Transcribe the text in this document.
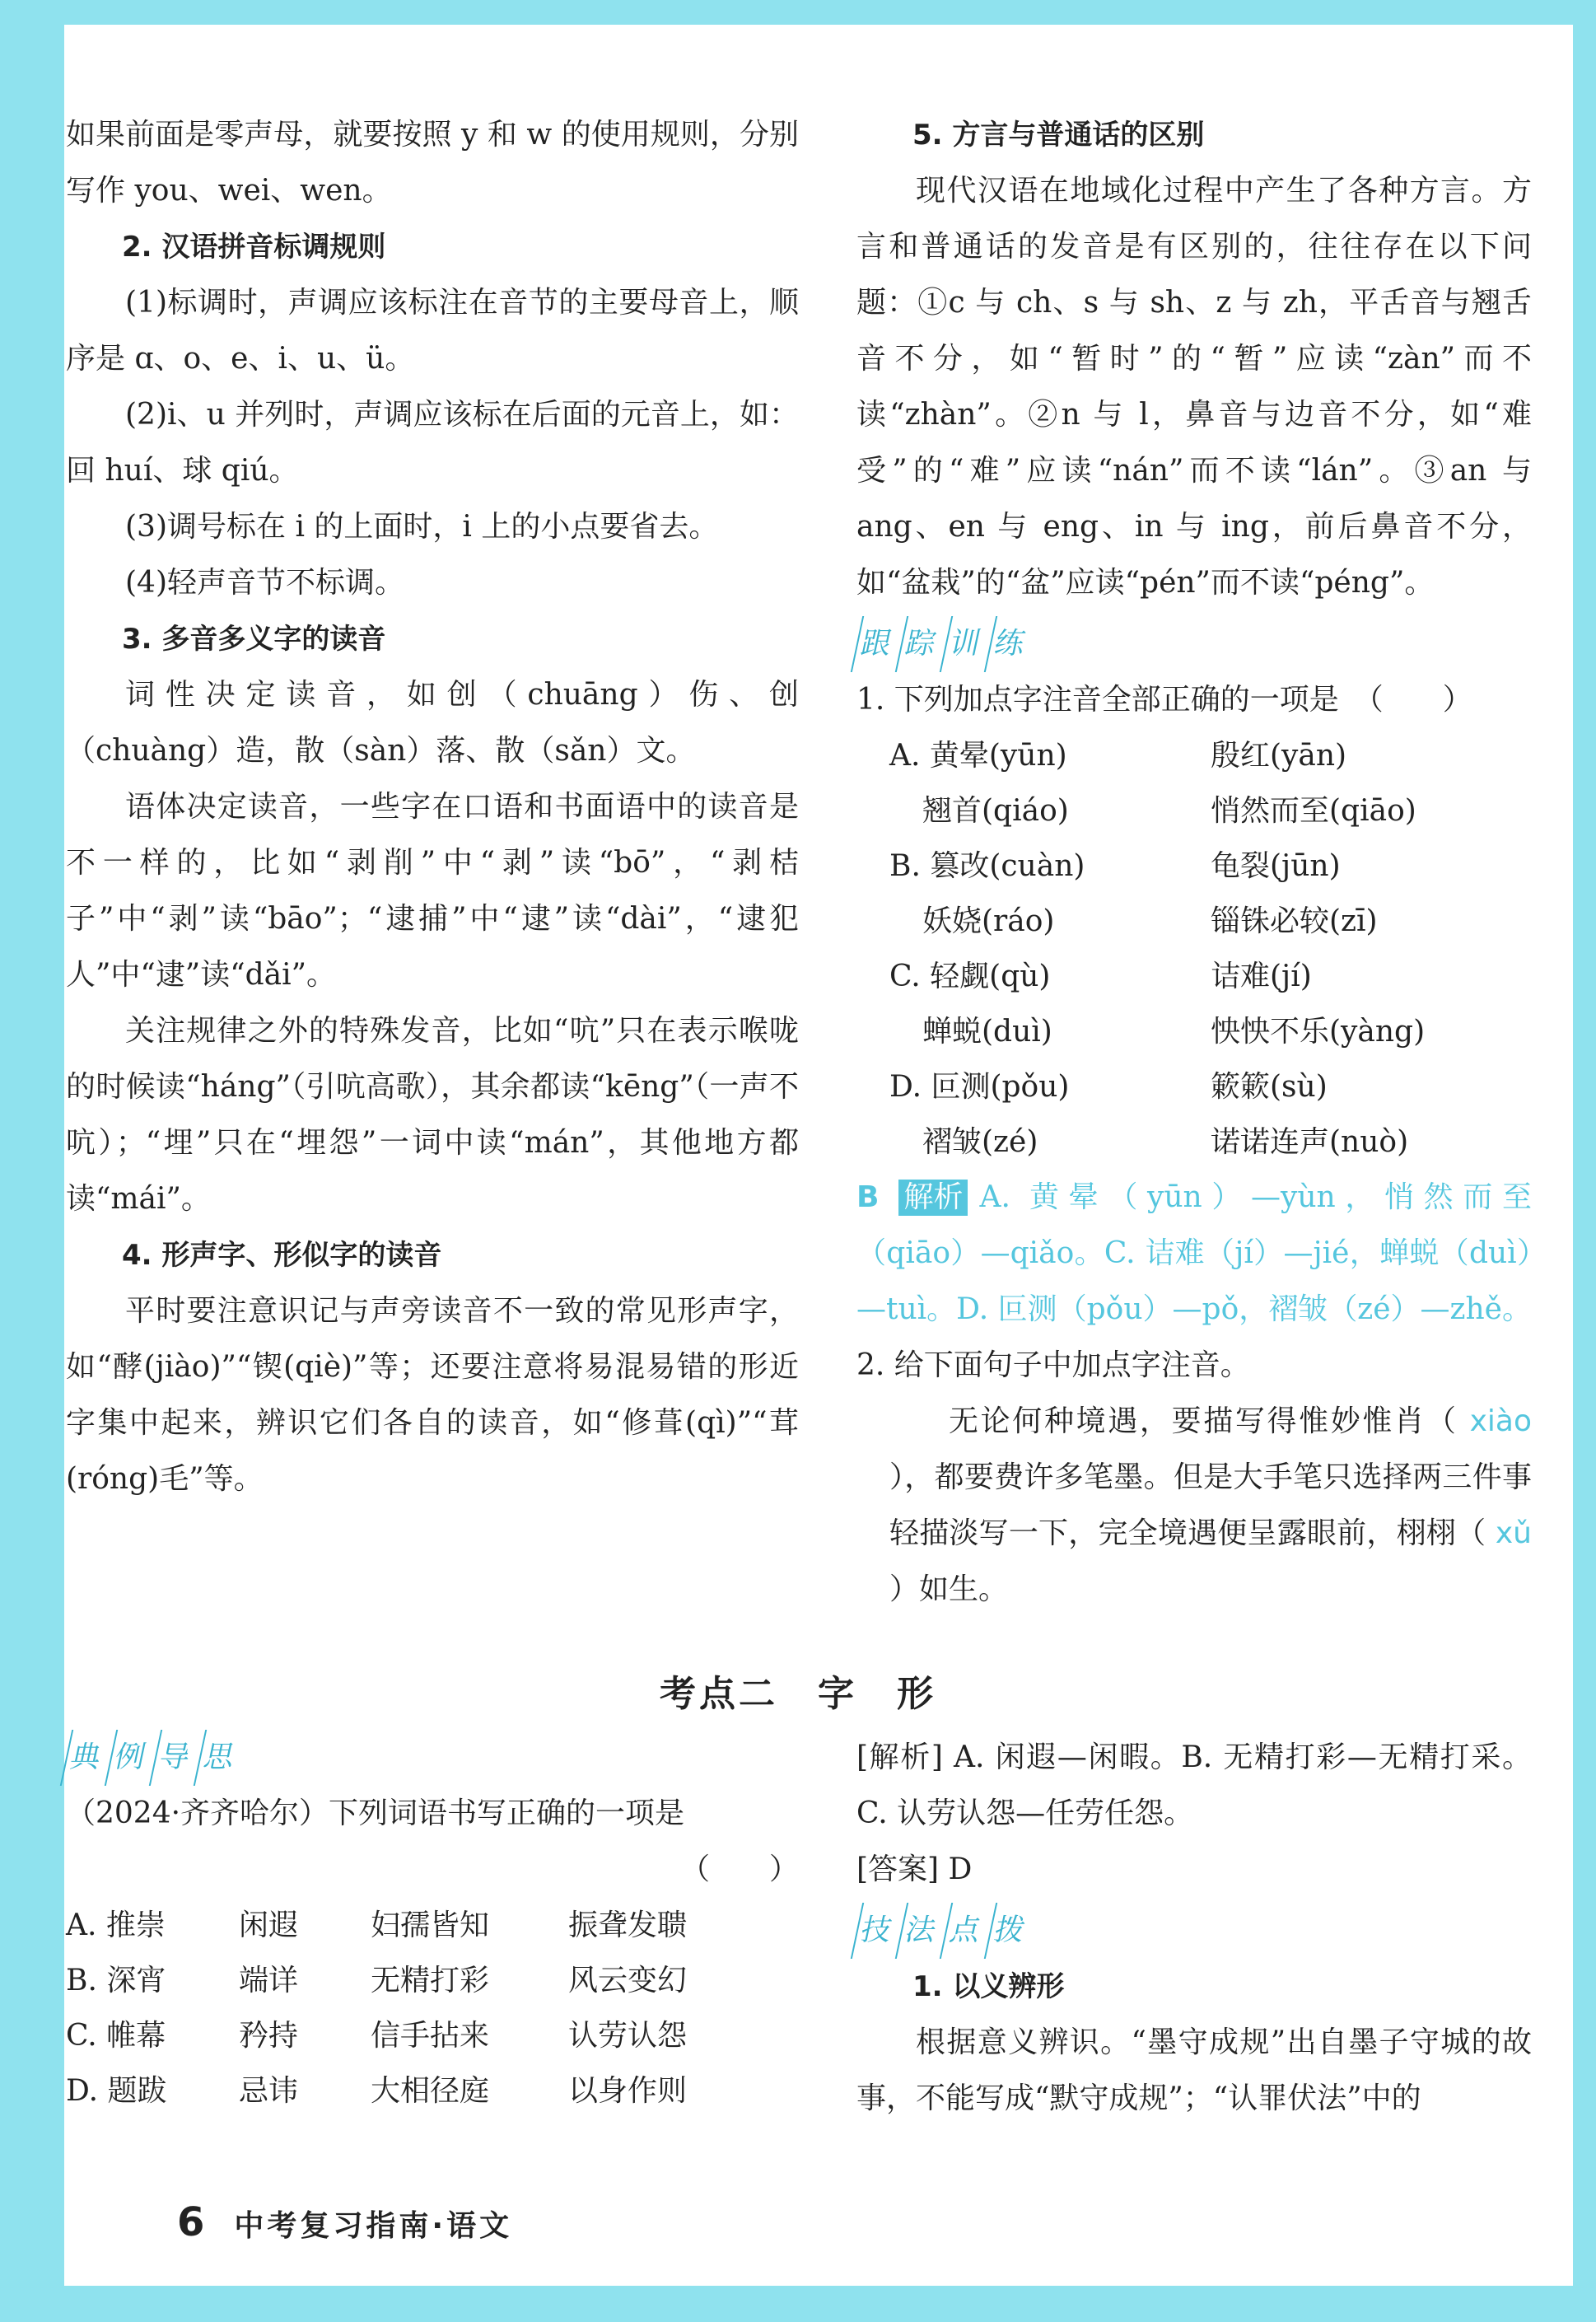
如果前面是零声母，就要按照 y 和 w 的使用规则，分别写作 you、wei、wen。

2. 汉语拼音标调规则

(1)标调时，声调应该标注在音节的主要母音上，顺序是 ɑ、o、e、i、u、ü。

(2)i、u 并列时，声调应该标在后面的元音上，如：回 huí、球 qiú。

(3)调号标在 i 的上面时，i 上的小点要省去。

(4)轻声音节不标调。

3. 多音多义字的读音

词性决定读音，如创（chuāng）伤、创（chuàng）造，散（sàn）落、散（sǎn）文。

语体决定读音，一些字在口语和书面语中的读音是不一样的，比如“剥削”中“剥”读“bō”，“剥桔子”中“剥”读“bāo”；“逮捕”中“逮”读“dài”，“逮犯人”中“逮”读“dǎi”。

关注规律之外的特殊发音，比如“吭”只在表示喉咙的时候读“háng”（引吭高歌），其余都读“kēng”（一声不吭）；“埋”只在“埋怨”一词中读“mán”，其他地方都读“mái”。

4. 形声字、形似字的读音

平时要注意识记与声旁读音不一致的常见形声字，如“酵(jiào)”“锲(qiè)”等；还要注意将易混易错的形近字集中起来，辨识它们各自的读音，如“修葺(qì)”“茸(róng)毛”等。

5. 方言与普通话的区别

现代汉语在地域化过程中产生了各种方言。方言和普通话的发音是有区别的，往往存在以下问题：①c 与 ch、s 与 sh、z 与 zh，平舌音与翘舌音不分，如“暂时”的“暂”应读“zàn”而不读“zhàn”。②n 与 l，鼻音与边音不分，如“难受”的“难”应读“nán”而不读“lán”。③an 与 ang、en 与 eng、in 与 ing，前后鼻音不分，如“盆栽”的“盆”应读“pén”而不读“péng”。

跟 踪 训 练

1. 下列加点字注音全部正确的一项是　（　　）

A. 黄晕(yūn)	殷红(yān)
翘首(qiáo)	悄然而至(qiāo)
B. 篡改(cuàn)	龟裂(jūn)
妖娆(ráo)	锱铢必较(zī)
C. 轻觑(qù)	诘难(jí)
蝉蜕(duì)	怏怏不乐(yàng)
D. 叵测(pǒu)	簌簌(sù)
褶皱(zé)	诺诺连声(nuò)

B 解析 A. 黄晕（yūn）—yùn，悄然而至（qiāo）—qiǎo。C. 诘难（jí）—jié，蝉蜕（duì）—tuì。D. 叵测（pǒu）—pǒ，褶皱（zé）—zhě。

2. 给下面句子中加点字注音。

无论何种境遇，要描写得惟妙惟肖（ xiào ），都要费许多笔墨。但是大手笔只选择两三件事轻描淡写一下，完全境遇便呈露眼前，栩栩（ xǔ ）如生。

考点二　字　形

典 例 导 思

（2024·齐齐哈尔）下列词语书写正确的一项是

（　　）

A. 推崇	闲遐	妇孺皆知	振聋发聩
B. 深宵	端详	无精打彩	风云变幻
C. 帷幕	矜持	信手拈来	认劳认怨
D. 题跋	忌讳	大相径庭	以身作则

[解析] A. 闲遐—闲暇。B. 无精打彩—无精打采。C. 认劳认怨—任劳任怨。

[答案] D

技 法 点 拨

1. 以义辨形

根据意义辨识。“墨守成规”出自墨子守城的故事，不能写成“默守成规”；“认罪伏法”中的

6 中考复习指南·语文
